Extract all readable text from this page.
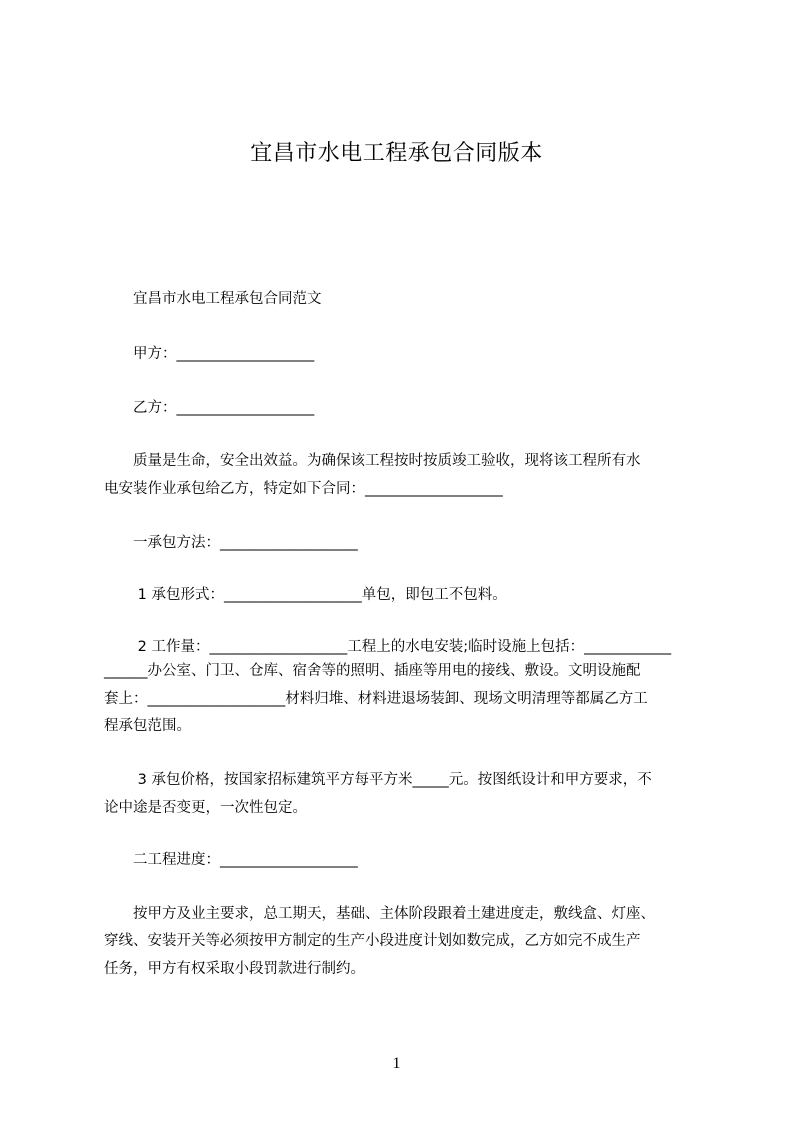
宜昌市水电工程承包合同版本
　　宜昌市水电工程承包合同范文
　　甲方：___________________
　　乙方：___________________
　　质量是生命，安全出效益。为确保该工程按时按质竣工验收，现将该工程所有水
电安装作业承包给乙方，特定如下合同：___________________
　　一承包方法：___________________
　　 1 承包形式：___________________单包，即包工不包料。
　　 2 工作量：___________________工程上的水电安装;临时设施上包括：____________
______办公室、门卫、仓库、宿舍等的照明、插座等用电的接线、敷设。文明设施配
套上：___________________材料归堆、材料进退场装卸、现场文明清理等都属乙方工
程承包范围。
　　 3 承包价格，按国家招标建筑平方每平方米_____元。按图纸设计和甲方要求，不
论中途是否变更，一次性包定。
　　二工程进度：___________________
　　按甲方及业主要求，总工期天，基础、主体阶段跟着土建进度走，敷线盒、灯座、
穿线、安装开关等必须按甲方制定的生产小段进度计划如数完成，乙方如完不成生产
任务，甲方有权采取小段罚款进行制约。
1
